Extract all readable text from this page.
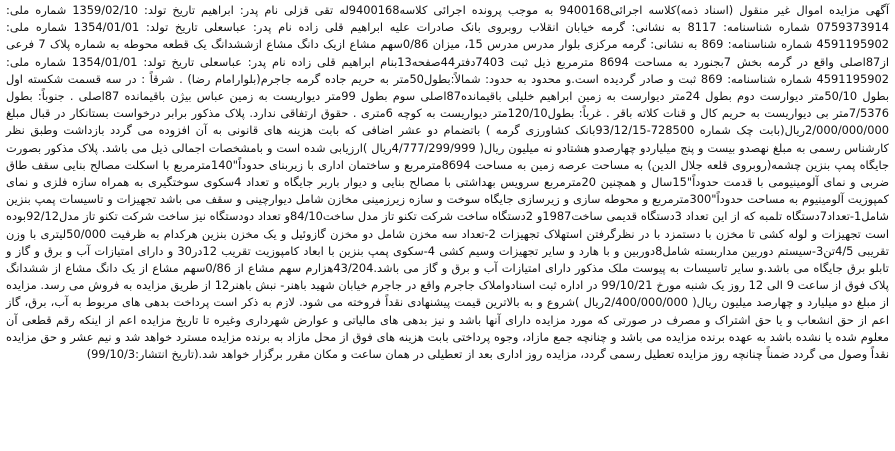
آگهی مزایده اموال غیر منقول (اسناد ذمه)کلاسه اجرائی9400168 به موجب پرونده اجرائی کلاسه9400168له تقی قزلی نام پدر: ابراهیم تاریخ تولد: 1359/02/10 شماره ملی: 0759373914 شماره شناسنامه: 8117 به نشانی: گرمه خیابان انقلاب روبروی بانک صادرات علیه ابراهیم قلی زاده نام پدر: عباسعلی تاریخ تولد: 1354/01/01 شماره ملی: 4591195902 شماره شناسنامه: 869 به نشانی: گرمه مرکزی بلوار مدرس مدرس 15، میزان 0/86سهم مشاع ازیک دانگ مشاع ازششدانگ یک قطعه محوطه به شماره پلاک 7 فرعی از87اصلی واقع در گرمه بخش 7بجنورد به مساحت 8694 مترمربع ذیل ثبت 7403دفتر44صفحه13بنام ابراهیم قلی زاده نام پدر: عباسعلی تاریخ تولد: 1354/01/01 شماره ملی: 4591195902 شماره شناسنامه: 869 ثبت و صادر گردیده است.و محدود به حدود: شمالاً:بطول50متر به حریم جاده گرمه جاجرم(بلوارامام رضا) . شرقاً : در سه قسمت شکسته اول بطول 50/10متر دیوارست دوم بطول 24متر دیوارست به زمین ابراهیم خلیلی باقیمانده87اصلی سوم بطول 99متر دیواریست به زمین عباس بیژن باقیمانده 87اصلی . جنوباً: بطول 7/5376متر بی دیواریست به حریم کال و قنات کلاته باقر . غرباً: بطول120/10متر دیواریست به کوچه 6متری . حقوق ارتفاقی ندارد. پلاک مذکور برابر درخواست بستانکار در قبال مبلغ 2/000/000/000ریال(بابت چک شماره 728500-93/12/15بانک کشاورزی گرمه ) باتضمام دو عشر اضافی که بابت هزینه های قانونی به آن افزوده می گردد بازداشت وطبق نظر کارشناس رسمی به مبلغ نهصدو بیست و پنج میلیاردو چهارصدو هشتادو نه میلیون ریال( 4/777/299/999ریال )ارزیابی شده است و بامشخصات اجمالی ذیل می باشد. پلاک مذکور بصورت جایگاه پمپ بنزین چشمه(روبروی قلعه جلال الدین) به مساحت عرصه زمین به مساحت 8694مترمربع و ساختمان اداری با زیربنای حدوداً"140مترمربع با اسکلت مصالح بنایی سقف طاق ضربی و نمای آلومینیومی با قدمت حدوداً"15سال و همچنین 20مترمربع سرویس بهداشتی با مصالح بنایی و دیوار باربر جایگاه و تعداد 4سکوی سوختگیری به همراه سازه فلزی و نمای کمپوزیت آلومینیوم به مساحت حدوداً"300مترمربع و محوطه سازی و زیرسازی جایگاه سوخت و سازه زیرزمینی مخازن شامل دیوارچینی و سقف می باشد تجهیزات و تاسیسات پمپ بنزین شامل1-تعداد7دستگاه تلمبه که از این تعداد 3دستگاه قدیمی ساخت1987و 2دستگاه ساخت شرکت تکنو تاز مدل ساخت84/10و تعداد دودستگاه نیز ساخت شرکت تکنو تاز مدل92/12بوده است تجهیزات و لوله کشی تا مخزن با دستمزد با در نظرگرفتن استهلاک تجهیزات 2-تعداد سه مخزن شامل دو مخزن گازوئیل و یک مخزن بنزین هرکدام به ظرفیت 50/000لیتری با وزن تقریبی 4/5تن3-سیستم دوربین مداربسته شامل8دوربین و با هارد و سایر تجهیزات وسیم کشی 4-سکوی پمپ بنزین با ابعاد کامپوزیت تقریب 12در30 و دارای امتیازات آب و برق و گاز و تابلو برق جایگاه می باشد.و سایر تاسیسات به پیوست ملک مذکور دارای امتیازات آب و برق و گاز می باشد.43/204هزارم سهم مشاع از 0/86سهم مشاع از یک دانگ مشاع از ششدانگ پلاک فوق از ساعت 9 الی 12 روز یک شنبه مورخ 99/10/21 در اداره ثبت اسنادواملاک جاجرم واقع در جاجرم خیابان شهید باهنر- نبش باهنر12 از طریق مزایده به فروش می رسد. مزایده از مبلغ دو میلیارد و چهارصد میلیون ریال( 2/400/000/000ریال )شروع و به بالاترین قیمت پیشنهادی نقداً فروخته می شود. لازم به ذکر است پرداخت بدهی های مربوط به آب، برق، گاز اعم از حق انشعاب و یا حق اشتراک و مصرف در صورتی که مورد مزایده دارای آنها باشد و نیز بدهی های مالیاتی و عوارض شهرداری وغیره تا تاریخ مزایده اعم از اینکه رقم قطعی آن معلوم شده یا نشده باشد به عهده برنده مزایده می باشد و چنانچه جمع مازاد، وجوه پرداختی بابت هزینه های فوق از محل مازاد به برنده مزایده مسترد خواهد شد و نیم عشر و حق مزایده نقداً وصول می گردد ضمناً چنانچه روز مزایده تعطیل رسمی گردد، مزایده روز اداری بعد از تعطیلی در همان ساعت و مکان مقرر برگزار خواهد شد.(تاریخ انتشار:99/10/3)
